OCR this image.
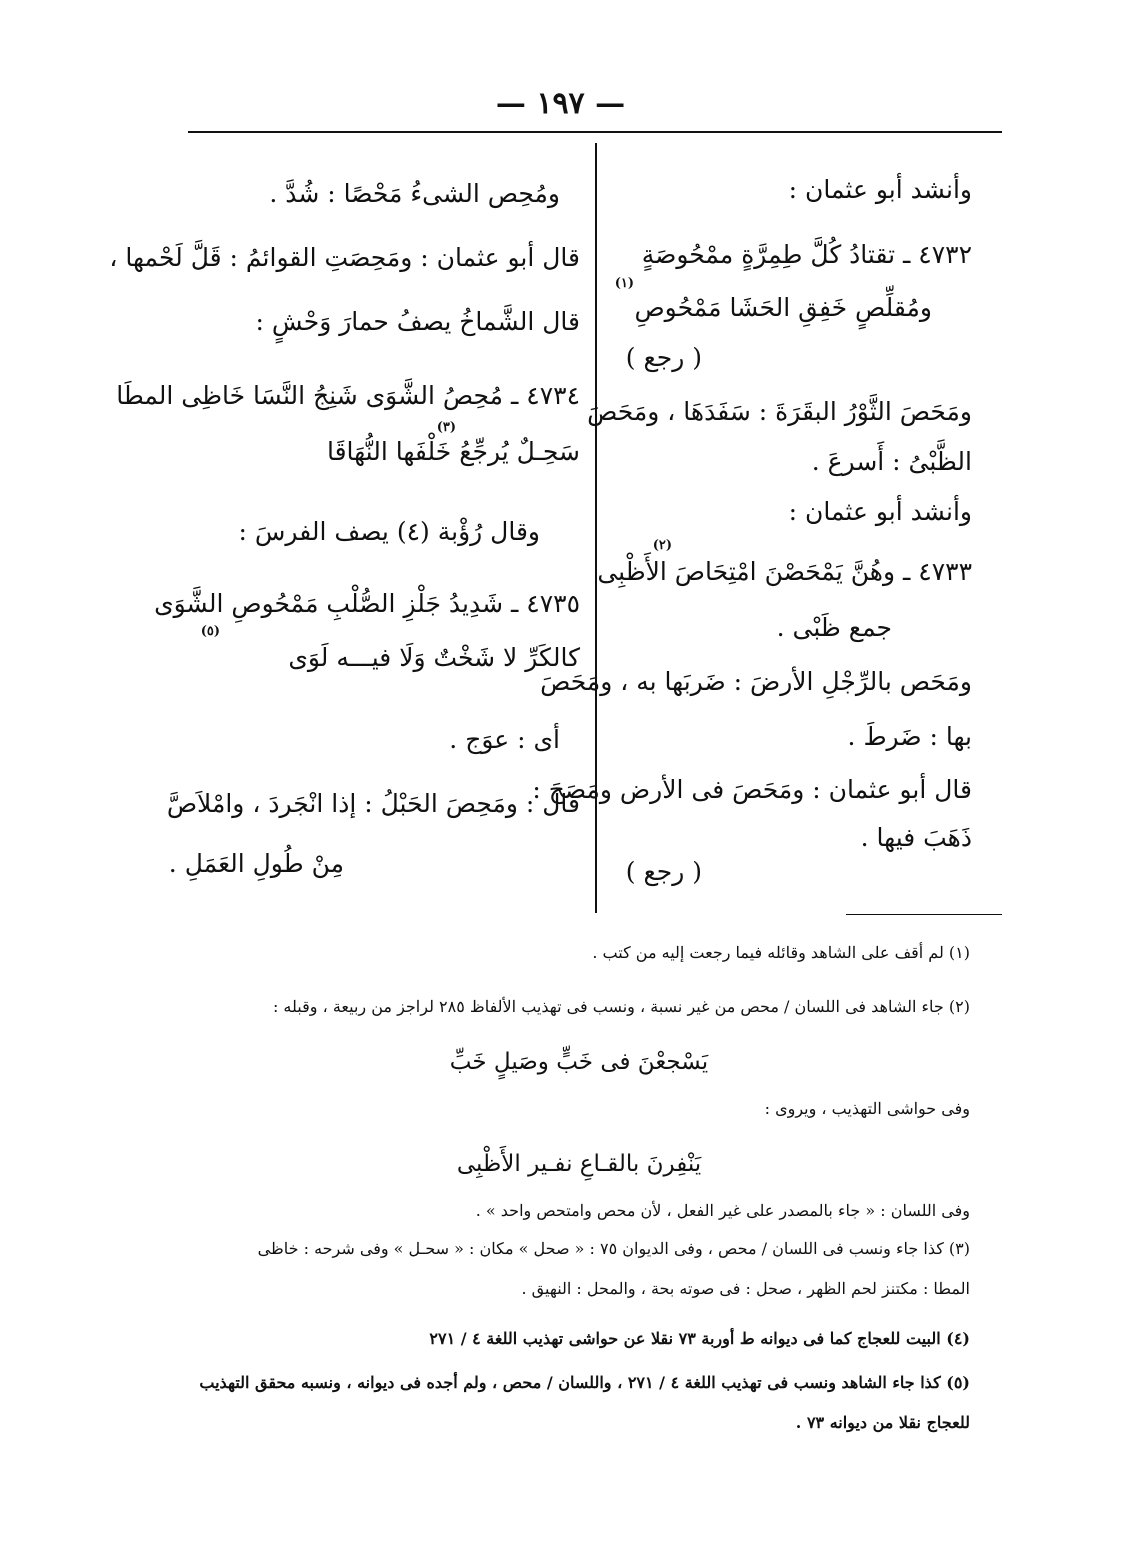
— ١٩٧ —
وأنشد أبو عثمان :
٤٧٣٢ ـ تقتادُ كُلَّ طِمِرَّةٍ ممْحُوصَةٍ
ومُقلِّصٍ خَفِقِ الحَشَا مَمْحُوصِ
(١)
( رجع )
ومَحَصَ الثَّوْرُ البقَرَةَ : سَفَدَهَا ، ومَحَصَ
الظَّبْىُ : أَسرعَ .
وأنشد أبو عثمان :
(٢)
٤٧٣٣ ـ وهُنَّ يَمْحَصْنَ امْتِحَاصَ الأَظْبِى
جمع ظَبْى .
ومَحَص بالرِّجْلِ الأرضَ : ضَربَها به ، ومَحَصَ
بها : ضَرطَ .
قال أبو عثمان : ومَحَصَ فى الأرض ومَصَحَ :
ذَهَبَ فيها .
( رجع )
ومُحِص الشىءُ مَحْصًا : شُدَّ .
قال أبو عثمان : ومَحِصَتِ القوائمُ : قَلَّ لَحْمها ،
قال الشَّماخُ يصفُ حمارَ وَحْشٍ :
٤٧٣٤ ـ مُحِصُ الشَّوَى شَنِجُ النَّسَا خَاظِى المطَا
(٣)
سَحِـلٌ يُرجِّعُ خَلْفَها النُّهَاقَا
وقال رُؤْبة (٤) يصف الفرسَ :
٤٧٣٥ ـ شَدِيدُ جَلْزِ الصُّلْبِ مَمْحُوصِ الشَّوَى
(٥)
كالكَرِّ لا شَخْتٌ وَلَا فيـــه لَوَى
أى : عوَج .
قال : ومَحِصَ الحَبْلُ : إذا انْجَردَ ، وامْلاَصَّ
مِنْ طُولِ العَمَلِ .
(١) لم أقف على الشاهد وقائله فيما رجعت إليه من كتب .
(٢) جاء الشاهد فى اللسان / محص من غير نسبة ، ونسب فى تهذيب الألفاظ ٢٨٥ لراجز من ربيعة ، وقبله :
يَسْجعْنَ فى خَبٍّ وصَيلٍ خَبِّ
وفى حواشى التهذيب ، ويروى :
يَنْفِرنَ بالقـاعِ نفـير الأَظْبِى
وفى اللسان : « جاء بالمصدر على غير الفعل ، لأن محص وامتحص واحد » .
(٣) كذا جاء ونسب فى اللسان / محص ، وفى الديوان ٧٥ : « صحل » مكان : « سحـل » وفى شرحه : خاظى
المطا : مكتنز لحم الظهر ، صحل : فى صوته بحة ، والمحل : النهيق .
(٤) البيت للعجاج كما فى ديوانه ط أوربة ٧٣ نقلا عن حواشى تهذيب اللغة ٤ / ٢٧١
(٥) كذا جاء الشاهد ونسب فى تهذيب اللغة ٤ / ٢٧١ ، واللسان / محص ، ولم أجده فى ديوانه ، ونسبه محقق التهذيب
للعجاج نقلا من ديوانه ٧٣ .
